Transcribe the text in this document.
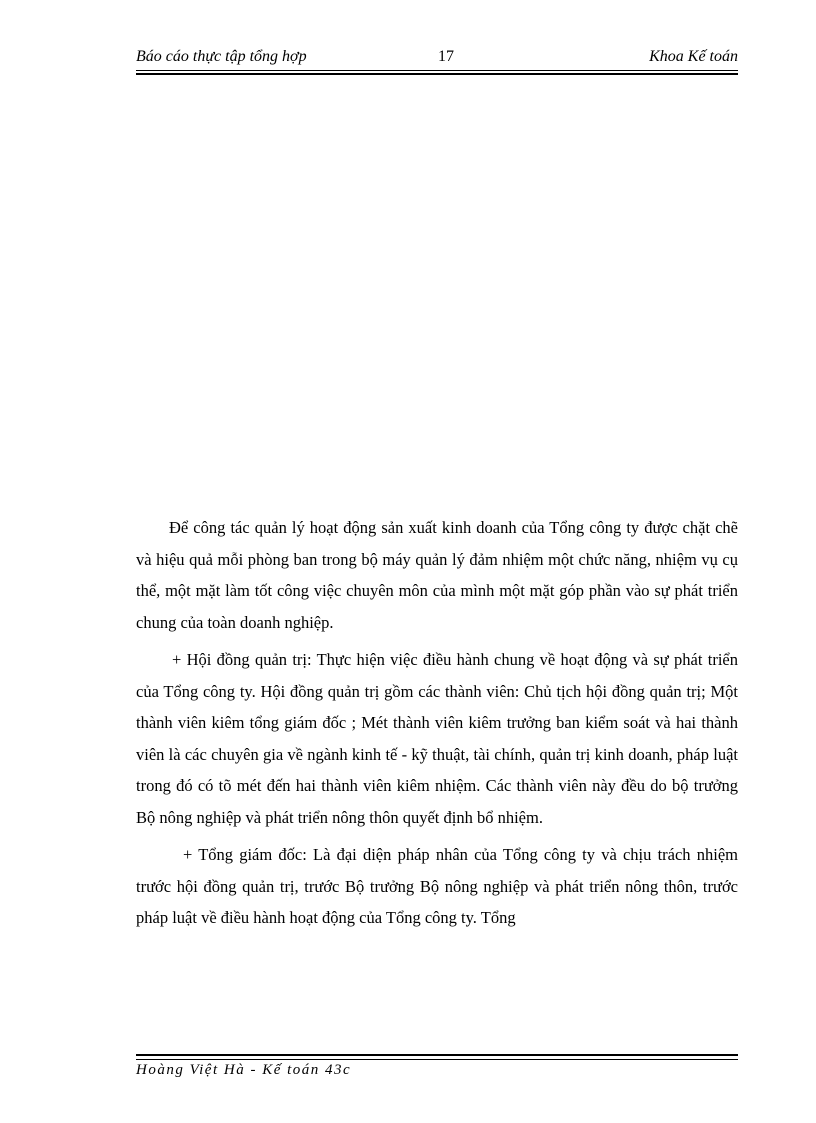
Báo cáo thực tập tổng hợp	17	Khoa Kế toán

Để công tác quản lý hoạt động sản xuất kinh doanh của Tổng công ty được chặt chẽ và hiệu quả mỗi phòng ban trong bộ máy quản lý đảm nhiệm một chức năng, nhiệm vụ cụ thể, một mặt làm tốt công việc chuyên môn của mình một mặt góp phần vào sự phát triển chung của toàn doanh nghiệp.

+ Hội đồng quản trị: Thực hiện việc điều hành chung về hoạt động và sự phát triển của Tổng công ty. Hội đồng quản trị gồm các thành viên: Chủ tịch hội đồng quản trị; Một thành viên kiêm tổng giám đốc ; Mét thành viên kiêm trưởng ban kiểm soát và hai thành viên là các chuyên gia về ngành kinh tế - kỹ thuật, tài chính, quản trị kinh doanh, pháp luật trong đó có tõ mét đến hai thành viên kiêm nhiệm. Các thành viên này đều do bộ trưởng Bộ nông nghiệp và phát triển nông thôn quyết định bổ nhiệm.

+ Tổng giám đốc: Là đại diện pháp nhân của Tổng công ty và chịu trách nhiệm trước hội đồng quản trị, trước Bộ trưởng Bộ nông nghiệp và phát triển nông thôn, trước pháp luật về điều hành hoạt động của Tổng công ty. Tổng

Hoàng Việt Hà - Kế toán 43c
